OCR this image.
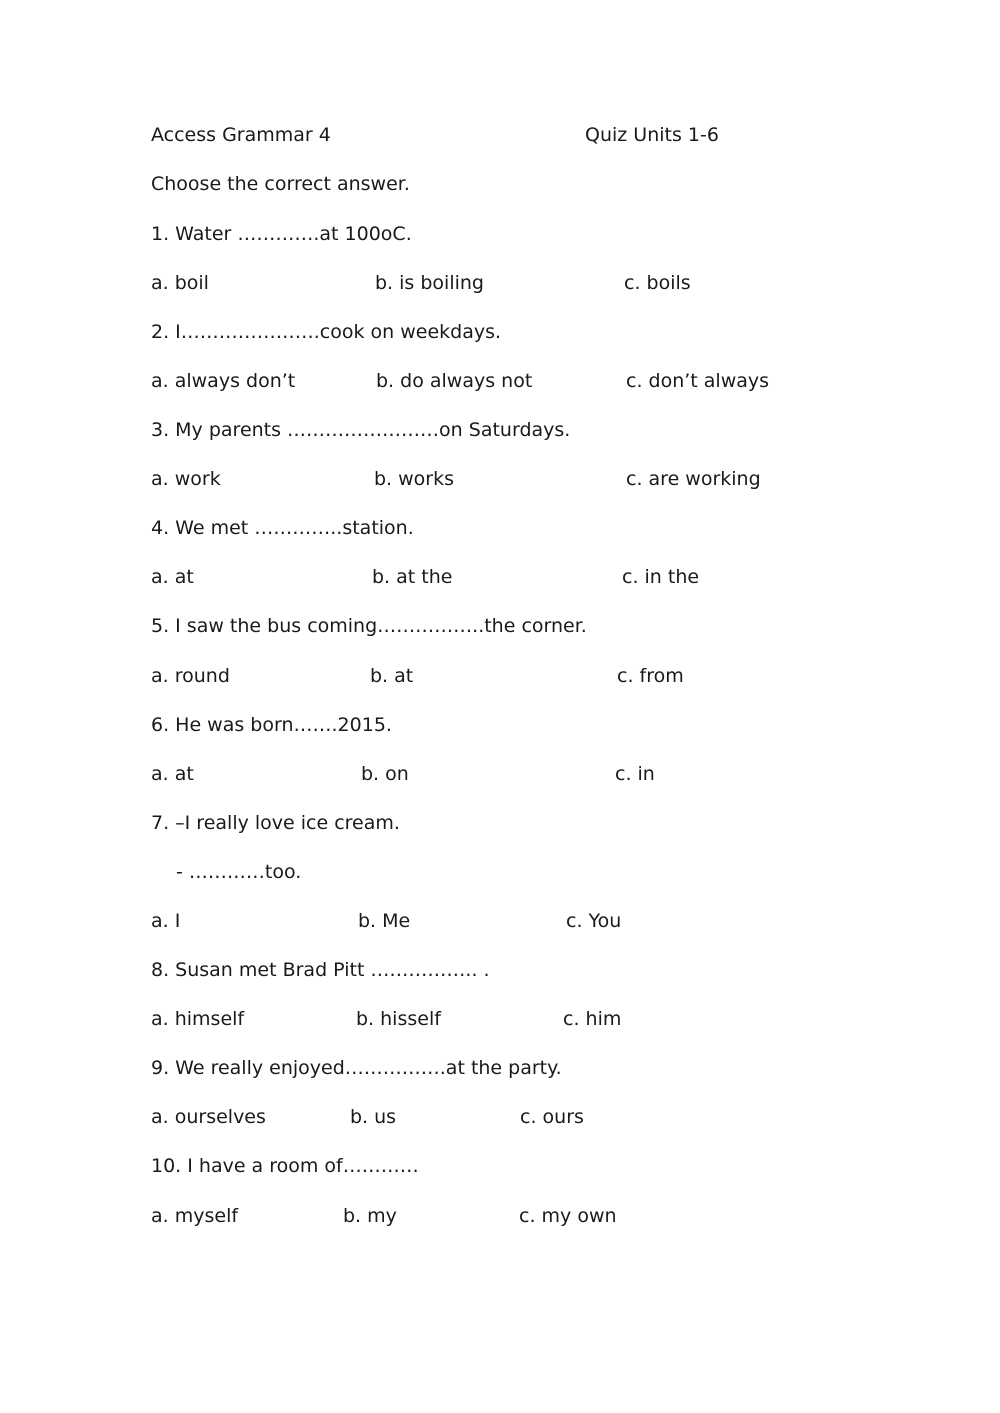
Access Grammar 4	Quiz Units 1-6
Choose the correct answer.
1. Water ………….at 100oC.
a. boil	b. is boiling	c. boils
2. I………………….cook on weekdays.
a. always don’t	b. do always not	c. don’t always
3. My parents ……………………on Saturdays.
a. work	b. works	c. are working
4. We met …………..station.
a. at	b. at the	c. in the
5. I saw the bus coming……………..the corner.
a. round	b. at	c. from
6. He was born…….2015.
a. at	b. on	c. in
7. –I really love ice cream.
- …………too.
a. I	b. Me	c. You
8. Susan met Brad Pitt …………….. .
a. himself	b. hisself	c. him
9. We really enjoyed…………….at the party.
a. ourselves	b. us	c. ours
10. I have a room of…………
a. myself	b. my	c. my own
